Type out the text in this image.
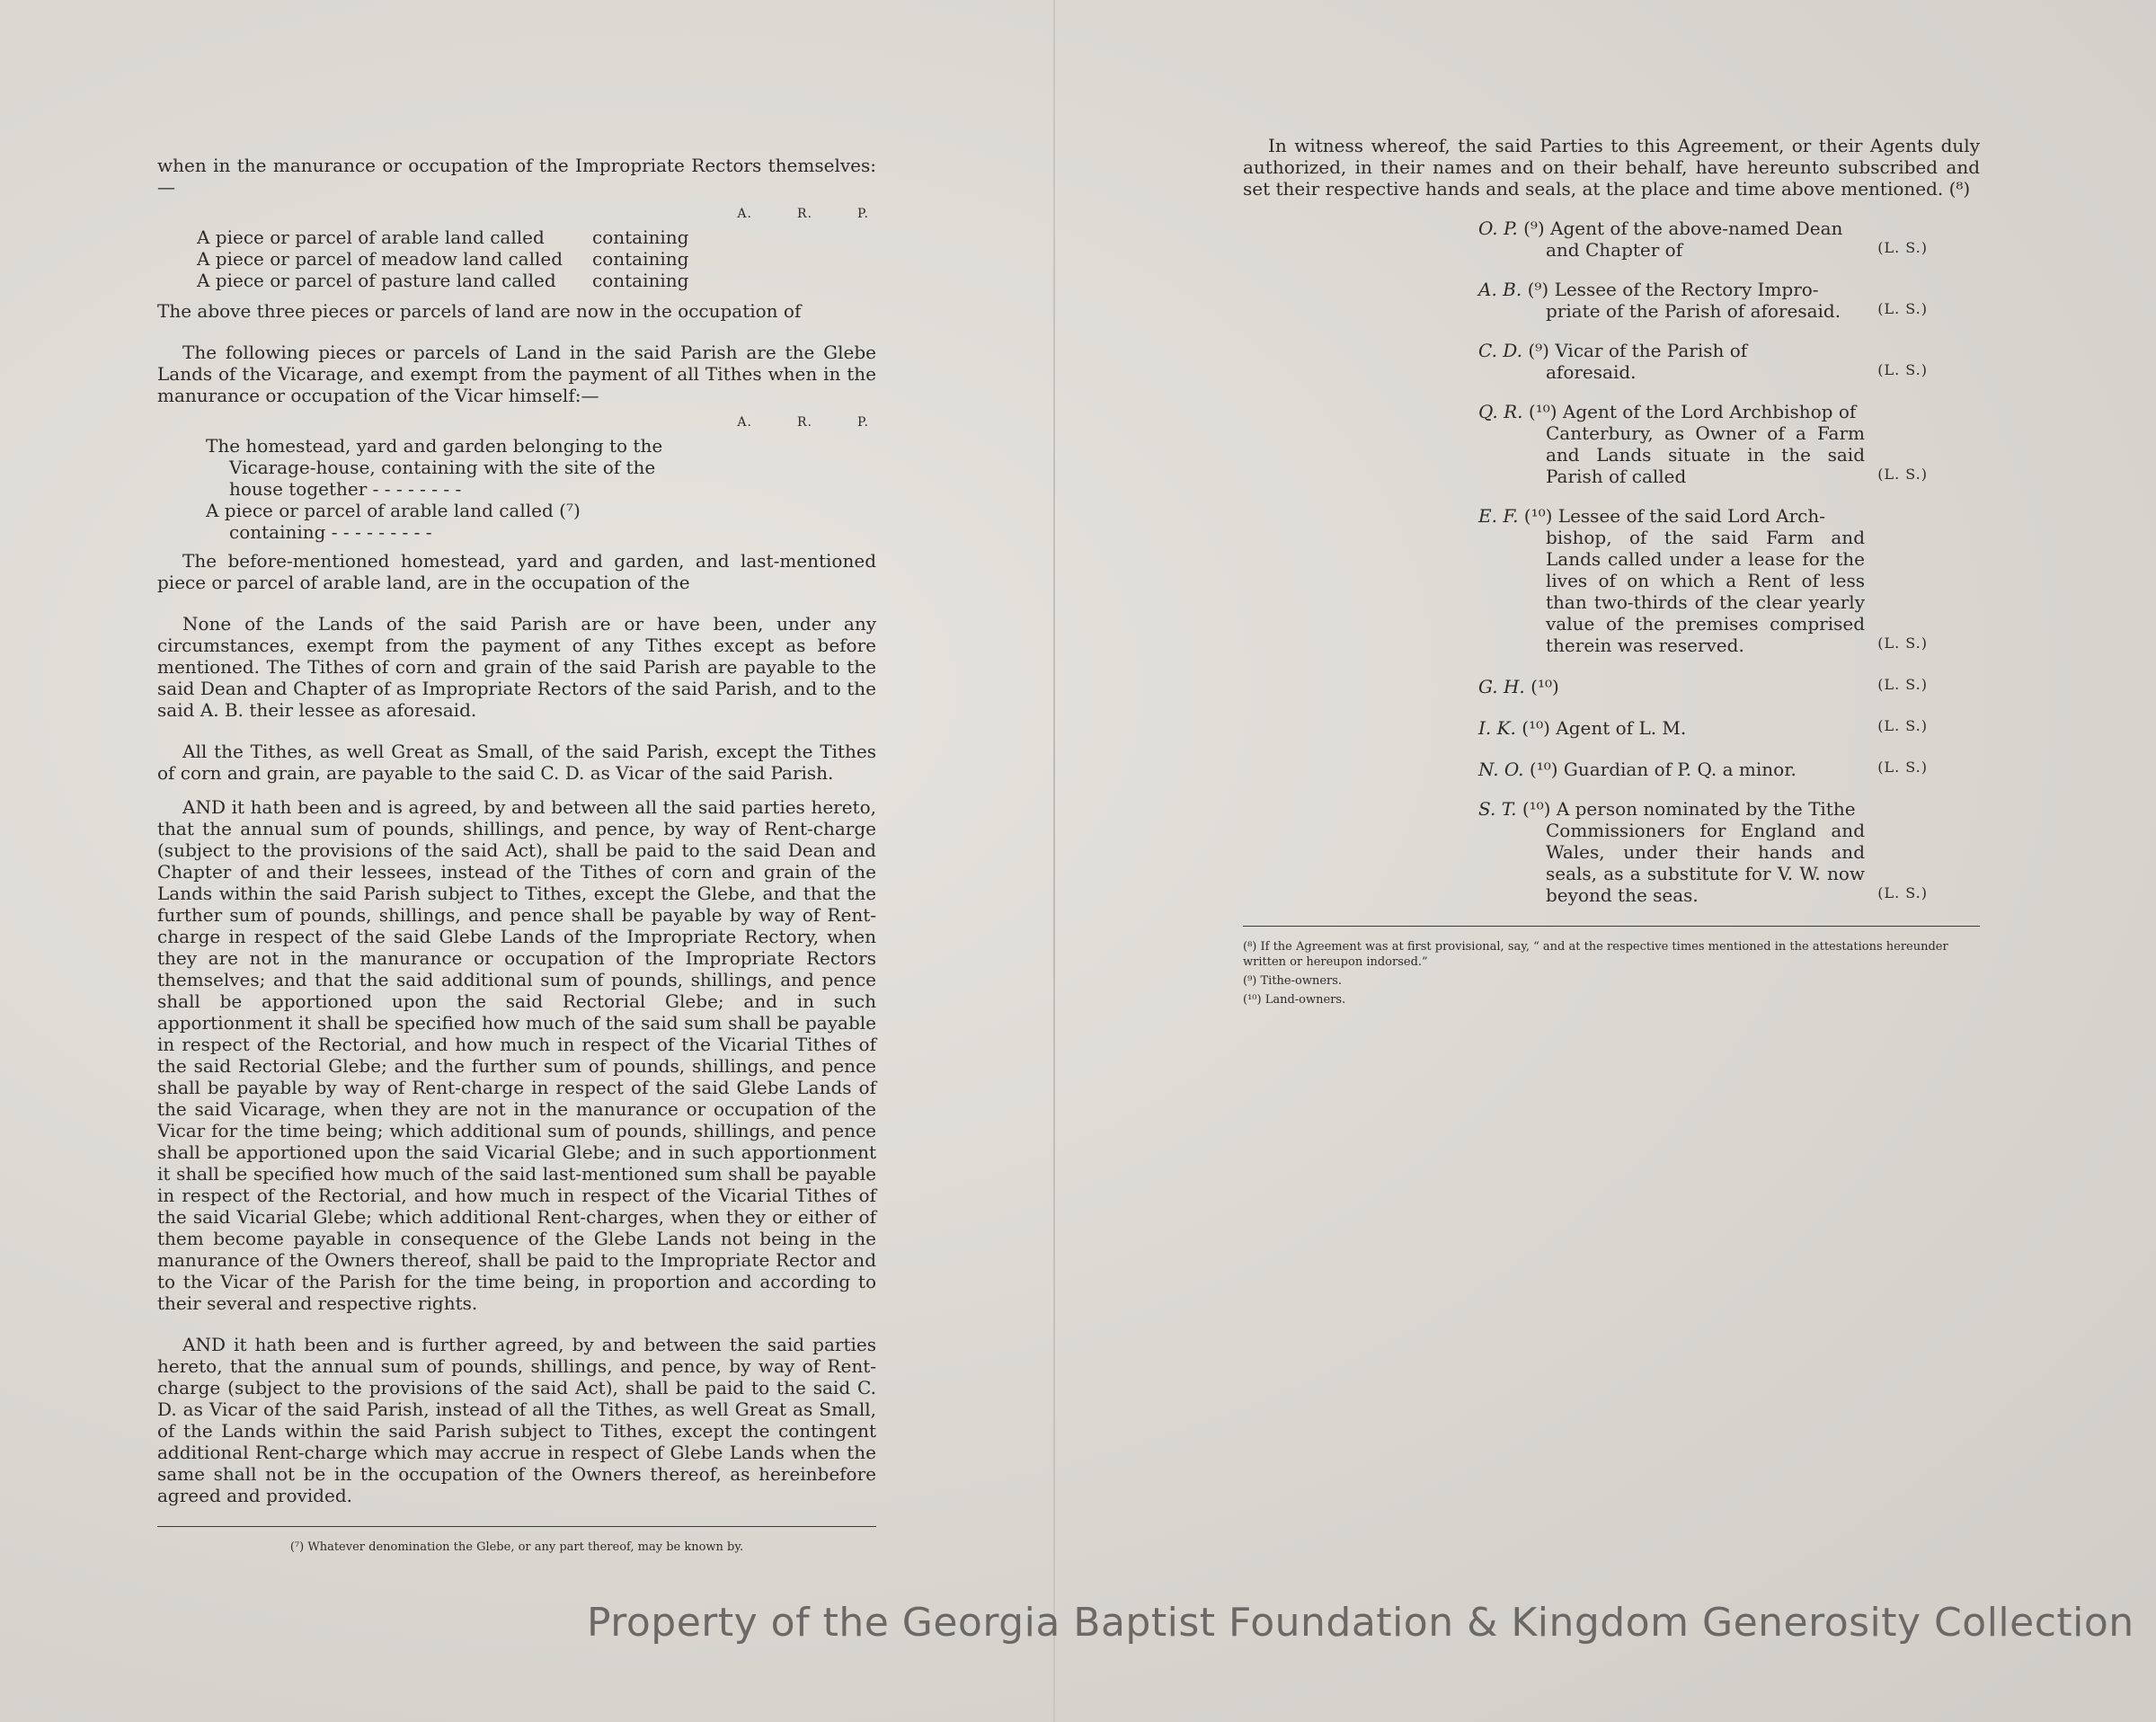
when in the manurance or occupation of the Impropriate Rectors themselves:—

A.	R.	P.
A piece or parcel of arable land called	containing
A piece or parcel of meadow land called	containing
A piece or parcel of pasture land called	containing

The above three pieces or parcels of land are now in the occupation of

The following pieces or parcels of Land in the said Parish are the Glebe Lands of the Vicarage, and exempt from the payment of all Tithes when in the manurance or occupation of the Vicar himself:—

A.	R.	P.
The homestead, yard and garden belonging to the
Vicarage-house, containing with the site of the house together - - - - - - - -
A piece or parcel of arable land called (⁷)
containing - - - - - - - - -

The before-mentioned homestead, yard and garden, and last-mentioned piece or parcel of arable land, are in the occupation of the

None of the Lands of the said Parish are or have been, under any circumstances, exempt from the payment of any Tithes except as before mentioned. The Tithes of corn and grain of the said Parish are payable to the said Dean and Chapter of as Impropriate Rectors of the said Parish, and to the said A. B. their lessee as aforesaid.

All the Tithes, as well Great as Small, of the said Parish, except the Tithes of corn and grain, are payable to the said C. D. as Vicar of the said Parish.

AND it hath been and is agreed, by and between all the said parties hereto, that the annual sum of pounds, shillings, and pence, by way of Rent-charge (subject to the provisions of the said Act), shall be paid to the said Dean and Chapter of and their lessees, instead of the Tithes of corn and grain of the Lands within the said Parish subject to Tithes, except the Glebe, and that the further sum of pounds, shillings, and pence shall be payable by way of Rent-charge in respect of the said Glebe Lands of the Impropriate Rectory, when they are not in the manurance or occupation of the Impropriate Rectors themselves; and that the said additional sum of pounds, shillings, and pence shall be apportioned upon the said Rectorial Glebe; and in such apportionment it shall be specified how much of the said sum shall be payable in respect of the Rectorial, and how much in respect of the Vicarial Tithes of the said Rectorial Glebe; and the further sum of pounds, shillings, and pence shall be payable by way of Rent-charge in respect of the said Glebe Lands of the said Vicarage, when they are not in the manurance or occupation of the Vicar for the time being; which additional sum of pounds, shillings, and pence shall be apportioned upon the said Vicarial Glebe; and in such apportionment it shall be specified how much of the said last-mentioned sum shall be payable in respect of the Rectorial, and how much in respect of the Vicarial Tithes of the said Vicarial Glebe; which additional Rent-charges, when they or either of them become payable in consequence of the Glebe Lands not being in the manurance of the Owners thereof, shall be paid to the Impropriate Rector and to the Vicar of the Parish for the time being, in proportion and according to their several and respective rights.

AND it hath been and is further agreed, by and between the said parties hereto, that the annual sum of pounds, shillings, and pence, by way of Rent-charge (subject to the provisions of the said Act), shall be paid to the said C. D. as Vicar of the said Parish, instead of all the Tithes, as well Great as Small, of the Lands within the said Parish subject to Tithes, except the contingent additional Rent-charge which may accrue in respect of Glebe Lands when the same shall not be in the occupation of the Owners thereof, as hereinbefore agreed and provided.

(⁷) Whatever denomination the Glebe, or any part thereof, may be known by.

In witness whereof, the said Parties to this Agreement, or their Agents duly authorized, in their names and on their behalf, have hereunto subscribed and set their respective hands and seals, at the place and time above mentioned. (⁸)

O. P. (⁹) Agent of the above-named Dean
and Chapter of	(L. S.)
A. B. (⁹) Lessee of the Rectory Impro-
priate of the Parish of aforesaid.	(L. S.)
C. D. (⁹) Vicar of the Parish of
aforesaid.	(L. S.)
Q. R. (¹⁰) Agent of the Lord Archbishop of
Canterbury, as Owner of a Farm and Lands situate in the said Parish of called	(L. S.)
E. F. (¹⁰) Lessee of the said Lord Arch-
bishop, of the said Farm and Lands called under a lease for the lives of on which a Rent of less than two-thirds of the clear yearly value of the premises comprised therein was reserved.	(L. S.)
G. H. (¹⁰)	(L. S.)
I. K. (¹⁰) Agent of L. M.	(L. S.)
N. O. (¹⁰) Guardian of P. Q. a minor.	(L. S.)
S. T. (¹⁰) A person nominated by the Tithe
Commissioners for England and Wales, under their hands and seals, as a substitute for V. W. now beyond the seas.	(L. S.)
(⁸) If the Agreement was at first provisional, say, “ and at the respective times mentioned in the attestations hereunder written or hereupon indorsed.”
(⁹) Tithe-owners.
(¹⁰) Land-owners.
Property of the Georgia Baptist Foundation & Kingdom Generosity Collection
